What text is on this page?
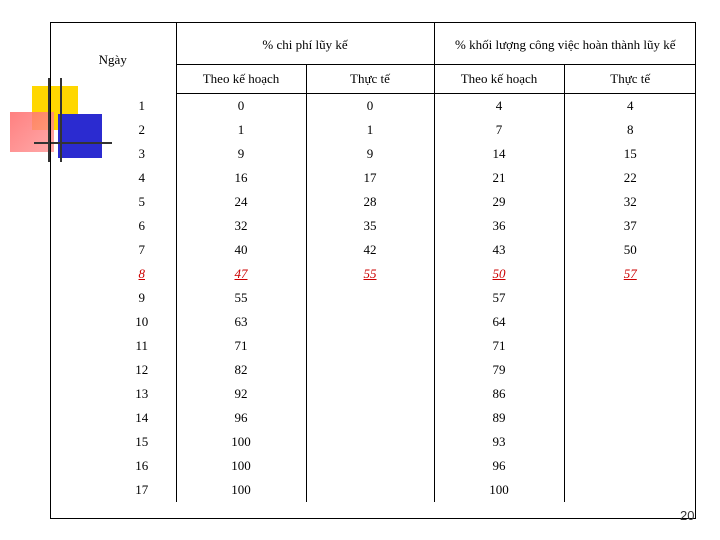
Ngày	% chi phí lũy kế		% khối lượng công việc hoàn thành lũy kế	
	Theo kế hoạch	Thực tế	Theo kế hoạch	Thực tế
1	0	0	4	4
2	1	1	7	8
3	9	9	14	15
4	16	17	21	22
5	24	28	29	32
6	32	35	36	37
7	40	42	43	50
8	47	55	50	57
9	55		57	
10	63		64	
11	71		71	
12	82		79	
13	92		86	
14	96		89	
15	100		93	
16	100		96	
17	100		100	
20
